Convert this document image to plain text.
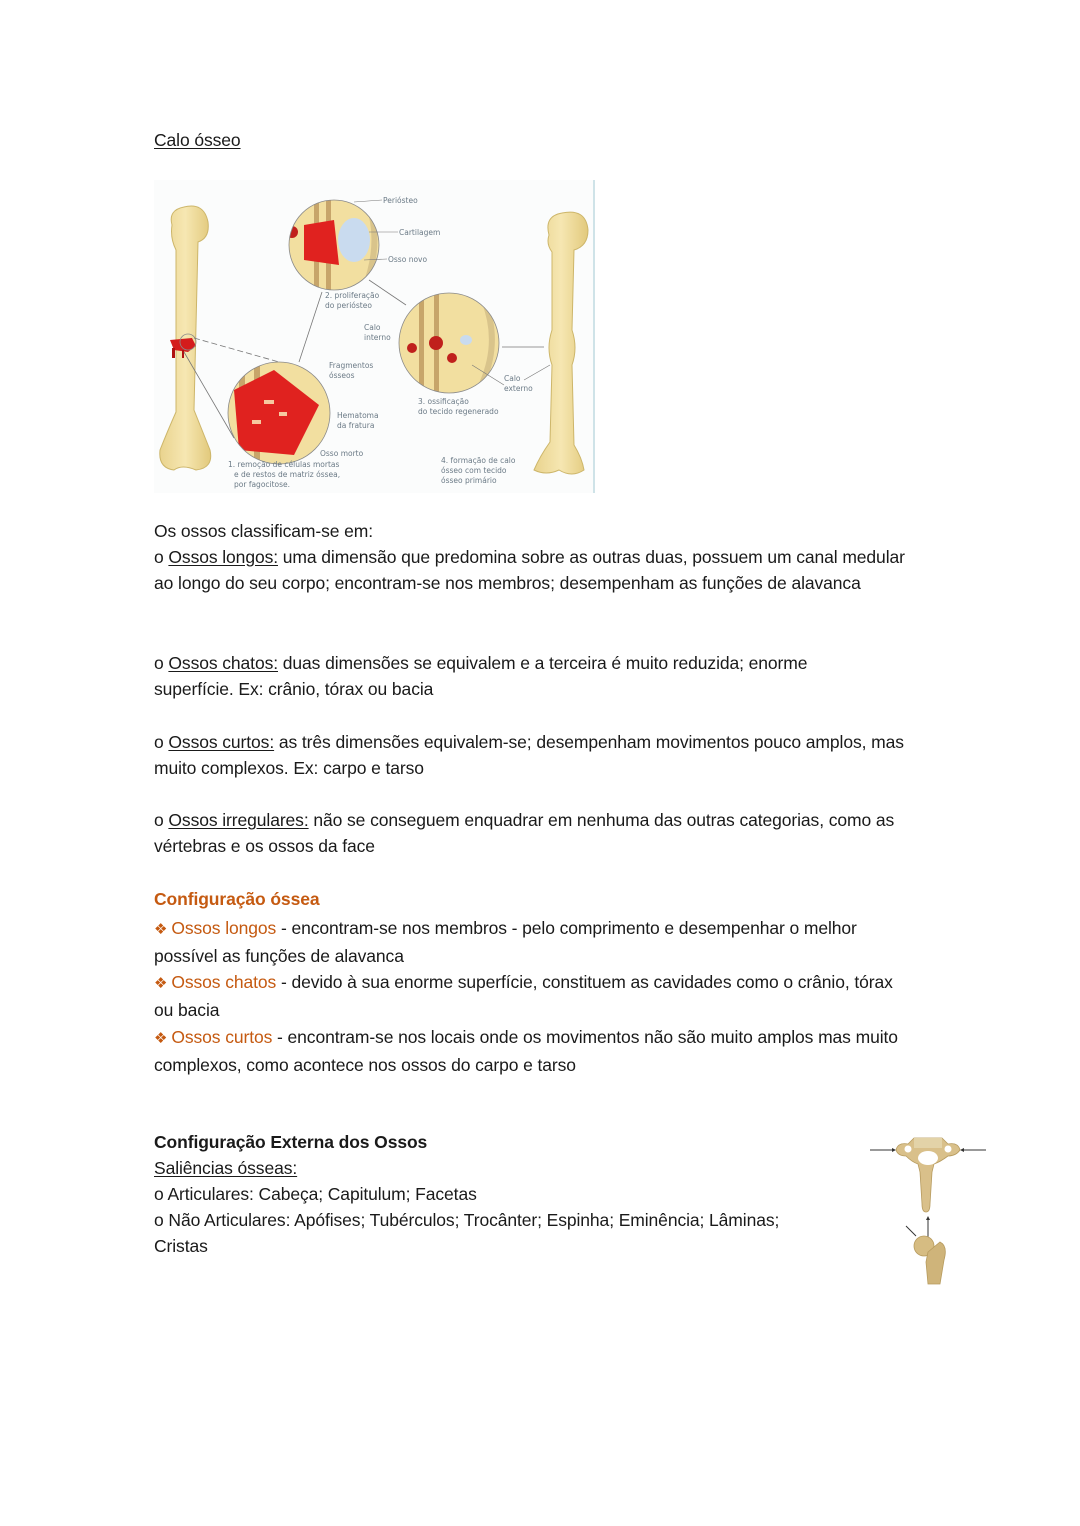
Calo ósseo
Periósteo
Cartilagem
Osso novo
2. proliferação
do periósteo
Calo
interno
Fragmentos
ósseos
Hematoma
da fratura
Osso morto
1. remoção de células mortas
e de restos de matriz óssea,
por fagocitose.
3. ossificação
do tecido regenerado
Calo
externo
4. formação de calo
ósseo com tecido
ósseo primário
Os ossos classificam-se em:
o Ossos longos: uma dimensão que predomina sobre as outras duas, possuem um canal medular ao longo do seu corpo; encontram-se nos membros; desempenham as funções de alavanca
o Ossos chatos: duas dimensões se equivalem e a terceira é muito reduzida; enorme superfície. Ex: crânio, tórax ou bacia
o Ossos curtos: as três dimensões equivalem-se; desempenham movimentos pouco amplos, mas muito complexos. Ex: carpo e tarso
o Ossos irregulares: não se conseguem enquadrar em nenhuma das outras categorias, como as vértebras e os ossos da face
Configuração óssea
❖ Ossos longos - encontram-se nos membros - pelo comprimento e desempenhar o melhor possível as funções de alavanca
❖ Ossos chatos - devido à sua enorme superfície, constituem as cavidades como o crânio, tórax ou bacia
❖ Ossos curtos - encontram-se nos locais onde os movimentos não são muito amplos mas muito complexos, como acontece nos ossos do carpo e tarso
Configuração Externa dos Ossos
Saliências ósseas:
o Articulares: Cabeça; Capitulum; Facetas
o Não Articulares: Apófises; Tubérculos; Trocânter; Espinha; Eminência; Lâminas; Cristas
